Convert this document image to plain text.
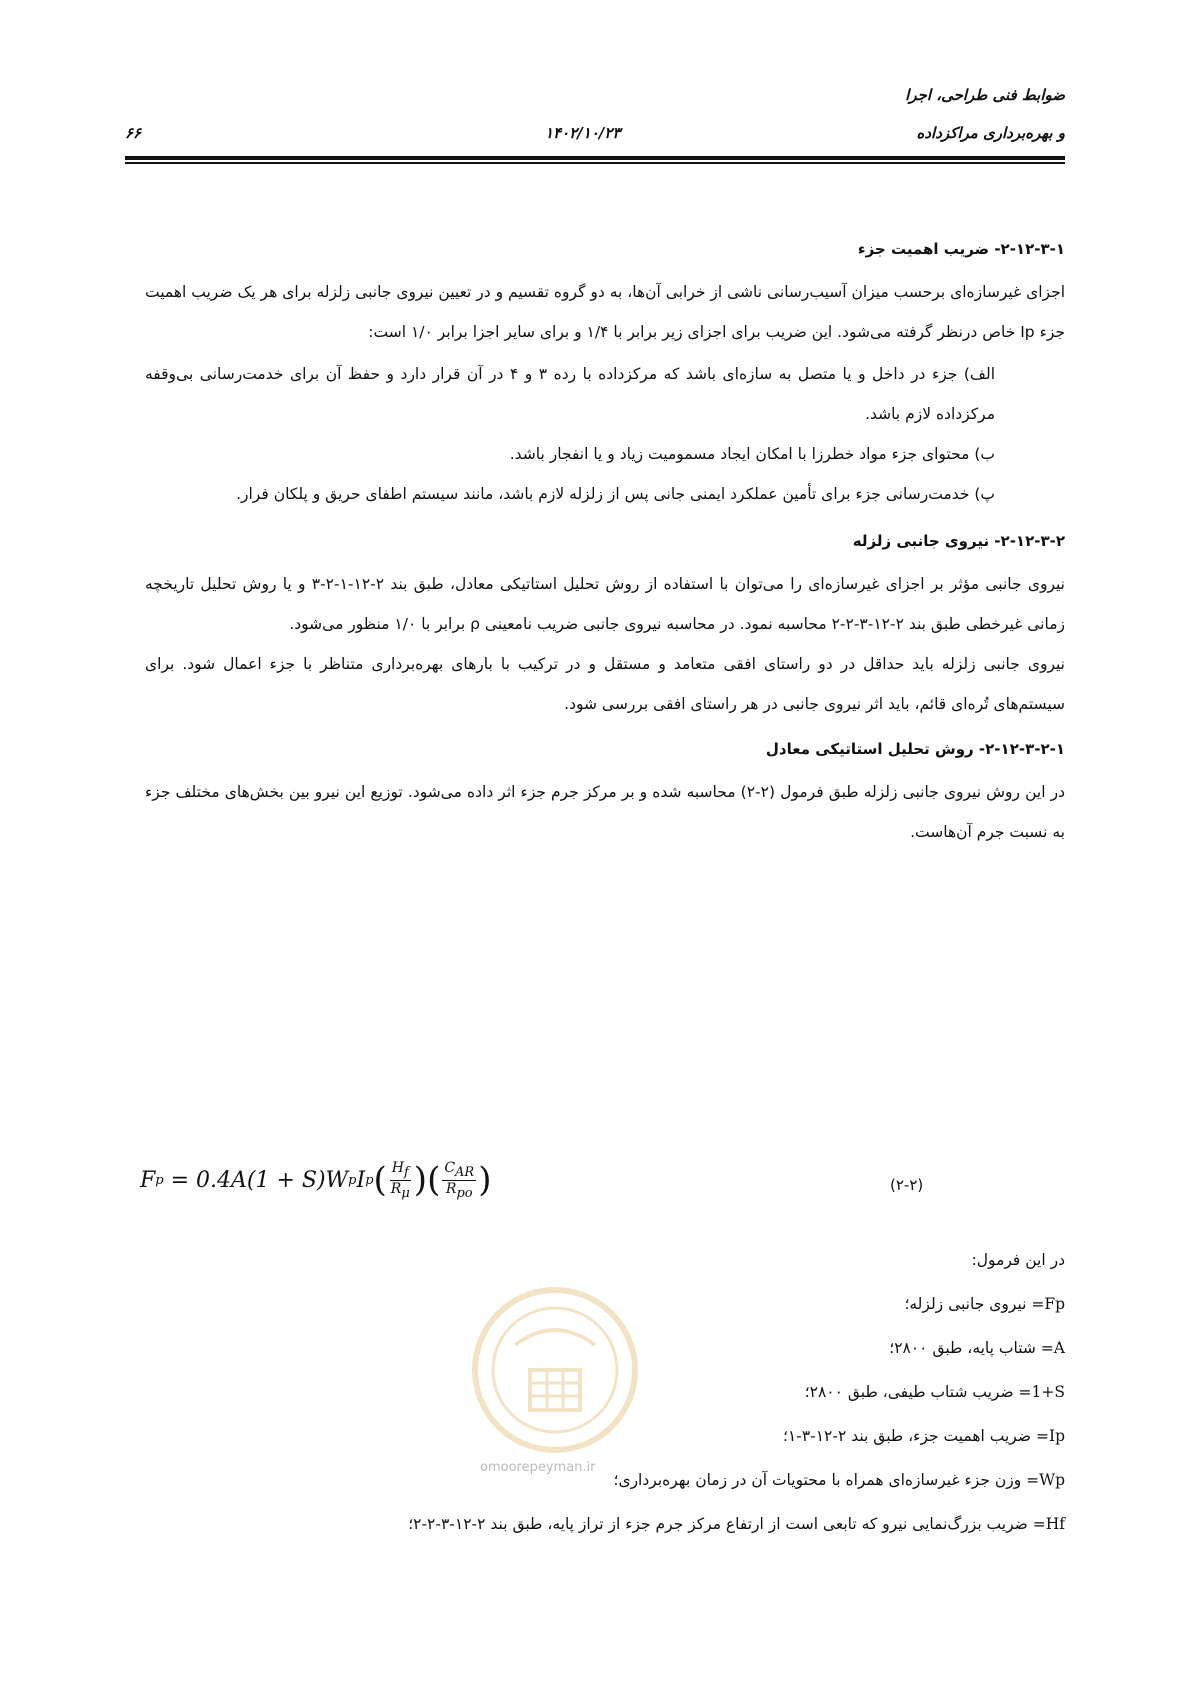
ضوابط فنی طراحی، اجرا
و بهره‌برداری مراکزداده
۱۴۰۲/۱۰/۲۳
۶۶
۲-۱۲-۳-۱- ضریب اهمیت جزء

اجزای غیرسازه‌ای برحسب میزان آسیب‌رسانی ناشی از خرابی آن‌ها، به دو گروه تقسیم و در تعیین نیروی جانبی زلزله برای هر یک ضریب اهمیت جزء Ip خاص درنظر گرفته می‌شود. این ضریب برای اجزای زیر برابر با ۱/۴ و برای سایر اجزا برابر ۱/۰ است:

الف) جزء در داخل و یا متصل به سازه‌ای باشد که مرکزداده با رده ۳ و ۴ در آن قرار دارد و حفظ آن برای خدمت‌رسانی بی‌وقفه مرکزداده لازم باشد.

ب) محتوای جزء مواد خطرزا با امکان ایجاد مسمومیت زیاد و یا انفجار باشد.

پ) خدمت‌رسانی جزء برای تأمین عملکرد ایمنی جانی پس از زلزله لازم باشد، مانند سیستم اطفای حریق و پلکان فرار.

۲-۱۲-۳-۲- نیروی جانبی زلزله

نیروی جانبی مؤثر بر اجزای غیرسازه‌ای را می‌توان با استفاده از روش تحلیل استاتیکی معادل، طبق بند ۲-۱۲-۱-۲-۳ و یا روش تحلیل تاریخچه زمانی غیرخطی طبق بند ۲-۱۲-۳-۲-۲ محاسبه نمود. در محاسبه نیروی جانبی ضریب نامعینی ρ برابر با ۱/۰ منظور می‌شود.

نیروی جانبی زلزله باید حداقل در دو راستای افقی متعامد و مستقل و در ترکیب با بارهای بهره‌برداری متناظر با جزء اعمال شود. برای سیستم‌های تُره‌ای قائم، باید اثر نیروی جانبی در هر راستای افقی بررسی شود.

۲-۱۲-۳-۲-۱- روش تحلیل استاتیکی معادل

در این روش نیروی جانبی زلزله طبق فرمول (۲-۲) محاسبه شده و بر مرکز جرم جزء اثر داده می‌شود. توزیع این نیرو بین بخش‌های مختلف جزء به نسبت جرم آن‌هاست.

F p
= 0.4A(1 + S)W p I p ( $\frac{H_f}{R_\mu}$ ) ( $\frac{C_{AR}}{R_{po}}$ )	(۲-۲)

در این فرمول:

Fp= نیروی جانبی زلزله؛

A= شتاب پایه، طبق ۲۸۰۰؛

1+S= ضریب شتاب طیفی، طبق ۲۸۰۰؛

Ip= ضریب اهمیت جزء، طبق بند ۲-۱۲-۳-۱؛

Wp= وزن جزء غیرسازه‌ای همراه با محتویات آن در زمان بهره‌برداری؛

Hf= ضریب بزرگ‌نمایی نیرو که تابعی است از ارتفاع مرکز جرم جزء از تراز پایه، طبق بند ۲-۱۲-۳-۲-۲؛

omoorepeyman.ir
